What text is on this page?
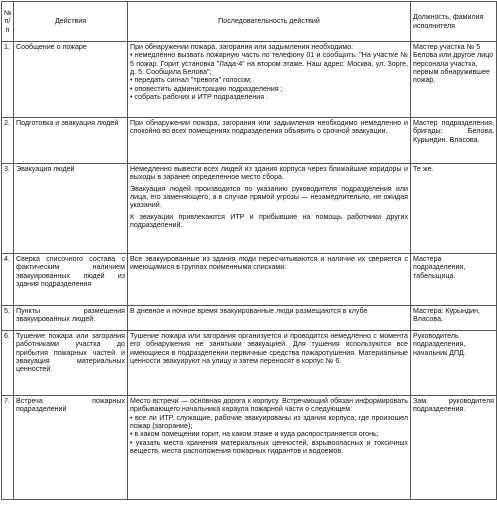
№ п/п	Действия	Последовательность действий	Должность, фамилия исполнителя
1.	Сообщение о пожаре	При обнаружении пожара, загорания или задымления необходимо:
• немедленно вызвать пожарную часть по телефону 01 и сообщить: "На участке № 5 пожар. Горит установка "Лада-4" на втором этаже. Наш адрес: Москва, ул. Зорге, д. 5. Сообщила Белова";
• передать сигнал "тревога" голосом;
• оповестить администрацию подразделения ;
• собрать рабочих и ИТР подразделения .	Мастер участка № 5 Белова или другое лицо персонала участка, первым обнаружившее пожар.
2.	Подготовка и эвакуация людей	При обнаружении пожара, загорания или задымления необходимо немедленно и спокойно во всех помещениях подразделения объявить о срочной эвакуации.	Мастер подразделения, бригады: Белова, Курындин. Власова.
3.	Эвакуация людей	Немедленно вывести всех людей из здания корпуса через ближайшие коридоры и выходы в заранее определенное место сбора.
Эвакуация людей производится по указанию руководителя подразделения или лица, его заменяющего, а в случае прямой угрозы — незамедлительно, не ожидая указаний.
К эвакуации привлекаются ИТР и прибывшие на помощь работники других подразделений.	Те же.
4.	Сверка списочного состава с фактическим наличием эвакуированных людей из здания подразделения	Все эвакуированные из здания люди пересчитываются и наличие их сверяется с имеющимися в группах поименными списками.	Мастера подразделения, табельщица.
5.	Пункты размещения эвакуированных людей.	В дневное и ночное время эвакуированные люди размещаются в клубе	Мастера: Курындин, Власова.
6.	Тушение пожара или загорания работниками участка до прибытия пожарных частей и эвакуация материальных ценностей.	Тушение пожара или загорания организуется и проводится немедленно с момента его обнаружения не занятыми эвакуацией. Для тушения используются все имеющиеся в подразделении первичные средства пожаротушения. Материальные ценности эвакуируют на улицу и затем переносят в корпус № 6.	Руководитель подразделения, начальник ДПД.
7.	Встреча пожарных подразделений	Место встречи — основная дорога к корпусу. Встречающий обязан информировать прибывающего начальника караула пожарной части о следующем:
• все ли ИТР, служащие, рабочие эвакуированы из здания корпуса; где произошел пожар (загорание);
• в каком помещении горит, на каком этаже и куда распространяется огонь;
• указать места хранения материальных ценностей, взрывоопасных и токсичных веществ, места расположения пожарных гидрантов и водоемов.	Зам. руководителя подразделения.
